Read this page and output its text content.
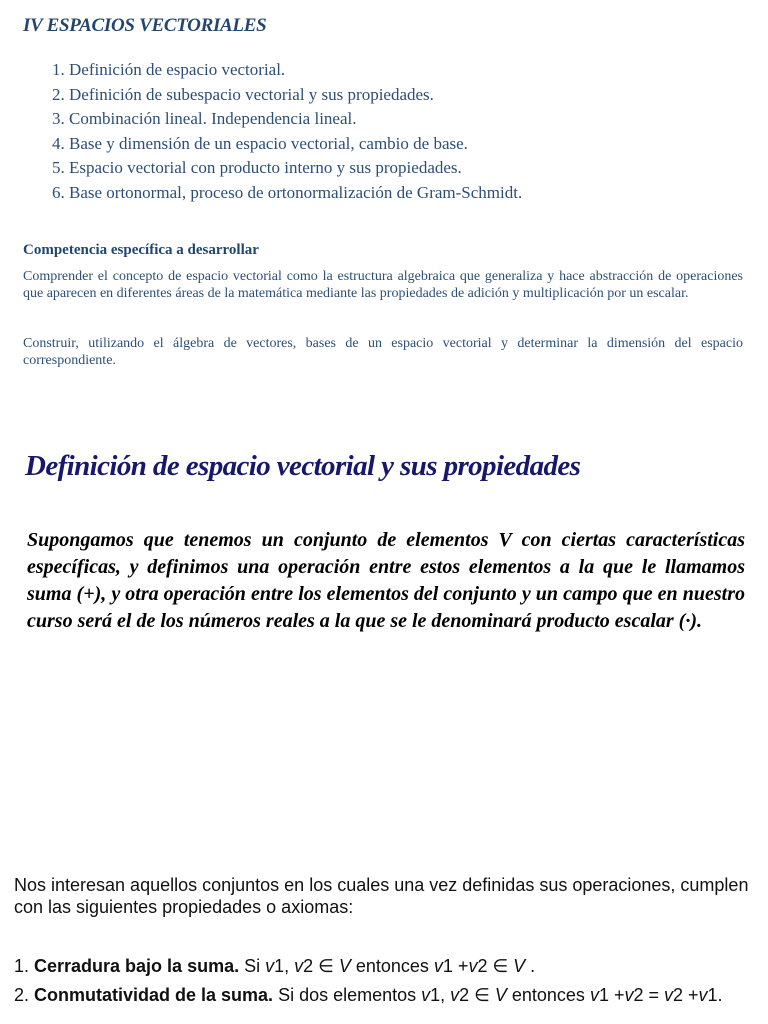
IV ESPACIOS VECTORIALES
1. Definición de espacio vectorial.
2. Definición de subespacio vectorial y sus propiedades.
3. Combinación lineal. Independencia lineal.
4. Base y dimensión de un espacio vectorial, cambio de base.
5. Espacio vectorial con producto interno y sus propiedades.
6. Base ortonormal, proceso de ortonormalización de Gram-Schmidt.
Competencia específica a desarrollar

Comprender el concepto de espacio vectorial como la estructura algebraica que generaliza y hace abstracción de operaciones que aparecen en diferentes áreas de la matemática mediante las propiedades de adición y multiplicación por un escalar.

Construir, utilizando el álgebra de vectores, bases de un espacio vectorial y determinar la dimensión del espacio correspondiente.

Definición de espacio vectorial y sus propiedades

Supongamos que tenemos un conjunto de elementos V con ciertas características específicas, y definimos una operación entre estos elementos a la que le llamamos suma (+), y otra operación entre los elementos del conjunto y un campo que en nuestro curso será el de los números reales a la que se le denominará producto escalar (·).

Nos interesan aquellos conjuntos en los cuales una vez definidas sus operaciones, cumplen con las siguientes propiedades o axiomas:

1. Cerradura bajo la suma. Si v1, v2 ∈ V entonces v1 +v2 ∈ V .

2. Conmutatividad de la suma. Si dos elementos v1, v2 ∈ V entonces v1 +v2 = v2 +v1.
